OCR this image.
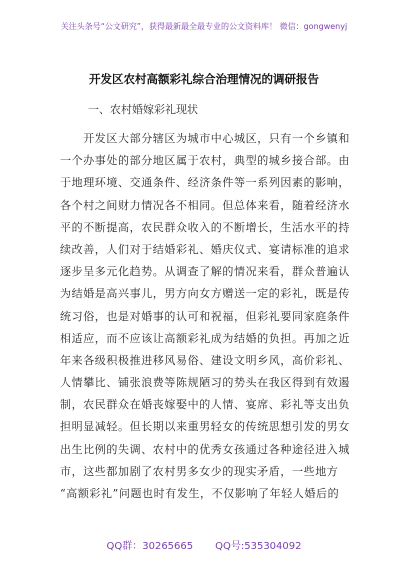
关注头条号“公文研究”，获得最新最全最专业的公文资料库！ 微信：gongwenyj
开发区农村高额彩礼综合治理情况的调研报告
一、农村婚嫁彩礼现状
　　开发区大部分辖区为城市中心城区，只有一个乡镇和
一个办事处的部分地区属于农村，典型的城乡接合部。由
于地理环境、交通条件、经济条件等一系列因素的影响，
各个村之间财力情况各不相同。但总体来看，随着经济水
平的不断提高，农民群众收入的不断增长，生活水平的持
续改善，人们对于结婚彩礼、婚庆仪式、宴请标准的追求
逐步呈多元化趋势。从调查了解的情况来看，群众普遍认
为结婚是高兴事儿，男方向女方赠送一定的彩礼，既是传
统习俗，也是对婚事的认可和祝福，但彩礼要同家庭条件
相适应，而不应该让高额彩礼成为结婚的负担。再加之近
年来各级积极推进移风易俗、建设文明乡风，高价彩礼、
人情攀比、铺张浪费等陈规陋习的势头在我区得到有效遏
制，农民群众在婚丧嫁娶中的人情、宴席、彩礼等支出负
担明显减轻。但长期以来重男轻女的传统思想引发的男女
出生比例的失调、农村中的优秀女孩通过各种途径进入城
市，这些都加剧了农村男多女少的现实矛盾，一些地方
“高额彩礼”问题也时有发生，不仅影响了年轻人婚后的
QQ群：30265665 QQ号:535304092
